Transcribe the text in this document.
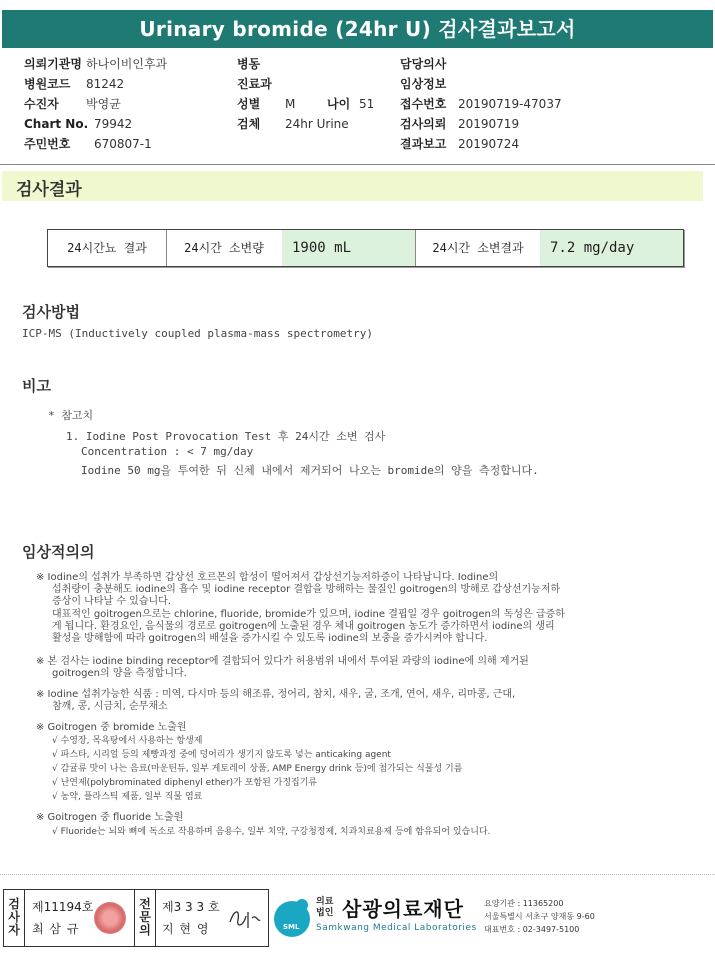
Urinary bromide (24hr U) 검사결과보고서
의뢰기관명 하나이비인후과
병원코드 81242
수진자 박영균
Chart No. 79942
주민번호 670807-1
병동
진료과
성별 M	나이 51
검체 24hr Urine
담당의사
임상정보
접수번호 20190719-47037
검사의뢰 20190719
결과보고 20190724
검사결과
24시간뇨 결과	24시간 소변량	1900 mL	24시간 소변결과	7.2 mg/day
검사방법
ICP-MS (Inductively coupled plasma-mass spectrometry)
비고
* 참고치
1. Iodine Post Provocation Test 후 24시간 소변 검사
Concentration : < 7 mg/day
Iodine 50 mg을 투여한 뒤 신체 내에서 제거되어 나오는 bromide의 양을 측정합니다.
임상적의의
※ Iodine의 섭취가 부족하면 갑상선 호르몬의 합성이 떨어져서 갑상선기능저하증이 나타납니다. Iodine의
섭취량이 충분해도 iodine의 흡수 및 iodine receptor 결합을 방해하는 물질인 goitrogen의 방해로 갑상선기능저하
증상이 나타날 수 있습니다.
대표적인 goitrogen으로는 chlorine, fluoride, bromide가 있으며, iodine 결핍일 경우 goitrogen의 독성은 급증하
게 됩니다. 환경요인, 음식물의 경로로 goitrogen에 노출된 경우 체내 goitrogen 농도가 증가하면서 iodine의 생리
활성을 방해함에 따라 goitrogen의 배설을 증가시킬 수 있도록 iodine의 보충을 증가시켜야 합니다.
※ 본 검사는 iodine binding receptor에 결합되어 있다가 허용범위 내에서 투여된 과량의 iodine에 의해 제거된
goitrogen의 양을 측정합니다.
※ Iodine 섭취가능한 식품 : 미역, 다시마 등의 해조류, 정어리, 참치, 새우, 굴, 조개, 연어, 새우, 리마콩, 근대,
참깨, 콩, 시금치, 순무채소
※ Goitrogen 중 bromide 노출원
√ 수영장, 목욕탕에서 사용하는 항생제
√ 파스타, 시리얼 등의 제빵과정 중에 덩어리가 생기지 않도록 넣는 anticaking agent
√ 감귤류 맛이 나는 음료(마운틴듀, 일부 게토레이 상품, AMP Energy drink 등)에 첨가되는 식물성 기름
√ 난연제(polybrominated diphenyl ether)가 포함된 가정집기류
√ 농약, 플라스틱 제품, 일부 직물 염료
※ Goitrogen 중 fluoride 노출원
√ Fluoride는 뇌와 뼈에 독소로 작용하며 음용수, 일부 치약, 구강청정제, 치과치료용제 등에 함유되어 있습니다.
검사자
제11194호
최 삼 규
전문의
제3 3 3 호
지 현 영	SML
의료
법인 삼광의료재단
Samkwang Medical Laboratories
요양기관 : 11365200
서울특별시 서초구 양재동 9-60
대표번호 : 02-3497-5100
